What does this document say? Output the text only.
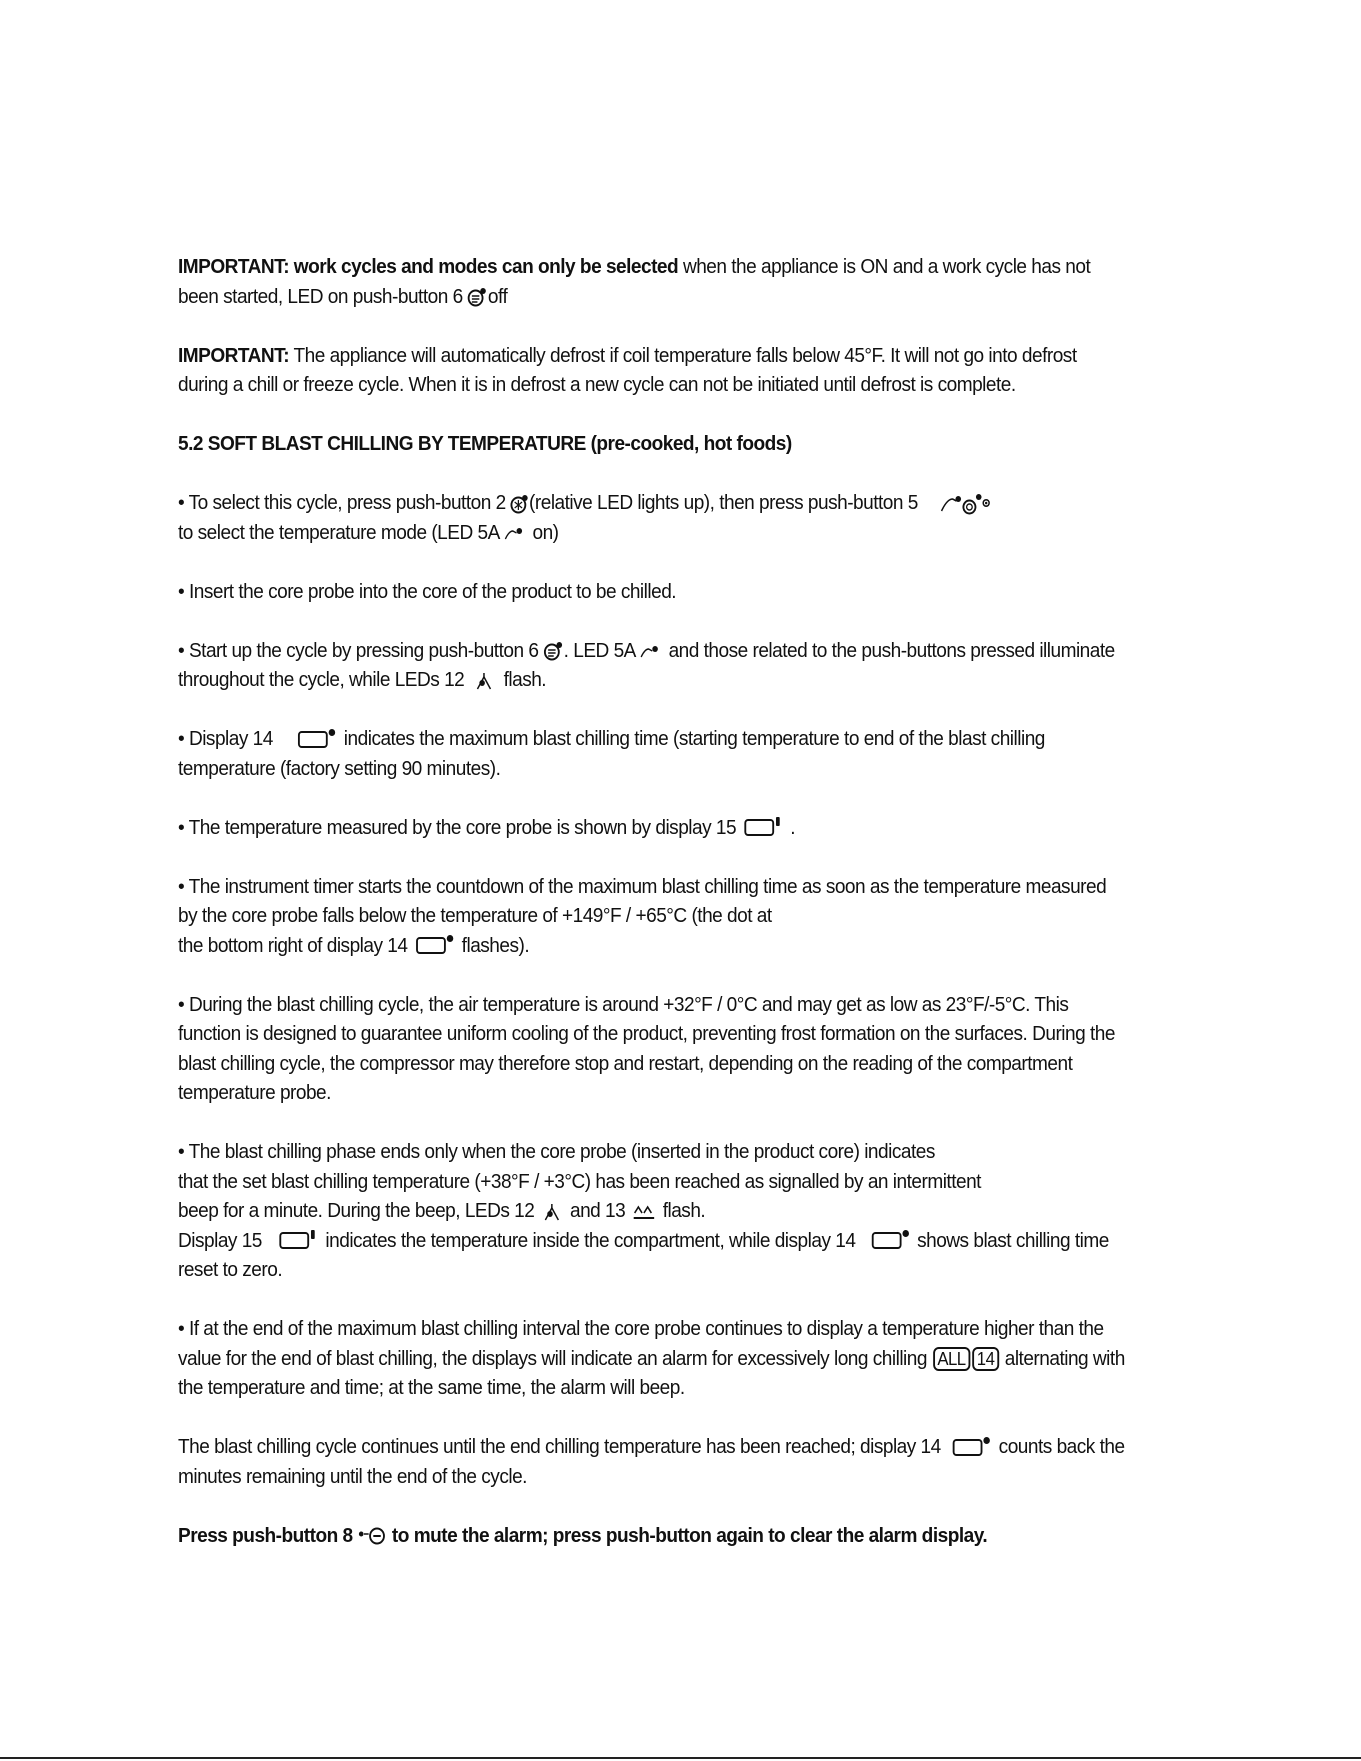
IMPORTANT: work cycles and modes can only be selected when the appliance is ON and a work cycle has not been started, LED on push-button 6
off

IMPORTANT: The appliance will automatically defrost if coil temperature falls below 45°F. It will not go into defrost during a chill or freeze cycle. When it is in defrost a new cycle can not be initiated until defrost is complete.

5.2 SOFT BLAST CHILLING BY TEMPERATURE (pre-cooked, hot foods)

• To select this cycle, press push-button 2
(relative LED lights up), then press push-button 5

to select the temperature mode (LED 5A
on)

• Insert the core probe into the core of the product to be chilled.

• Start up the cycle by pressing push-button 6
. LED 5A
and those related to the push-buttons pressed illuminate throughout the cycle, while LEDs 12
flash.

• Display 14	indicates the maximum blast chilling time (starting temperature to end of the blast chilling temperature (factory setting 90 minutes).

• The temperature measured by the core probe is shown by display 15
.

• The instrument timer starts the countdown of the maximum blast chilling time as soon as the temperature measured by the core probe falls below the temperature of +149°F / +65°C (the dot at
the bottom right of display 14
flashes).

• During the blast chilling cycle, the air temperature is around +32°F / 0°C and may get as low as 23°F/-5°C. This function is designed to guarantee uniform cooling of the product, preventing frost formation on the surfaces. During the blast chilling cycle, the compressor may therefore stop and restart, depending on the reading of the compartment temperature probe.

• The blast chilling phase ends only when the core probe (inserted in the product core) indicates
that the set blast chilling temperature (+38°F / +3°C) has been reached as signalled by an intermittent
beep for a minute. During the beep, LEDs 12
and 13
flash.
Display 15	indicates the temperature inside the compartment, while display 14	shows blast chilling time reset to zero.

• If at the end of the maximum blast chilling interval the core probe continues to display a temperature higher than the value for the end of blast chilling, the displays will indicate an alarm for excessively long chilling ALL 14 alternating with the temperature and time; at the same time, the alarm will beep.

The blast chilling cycle continues until the end chilling temperature has been reached; display 14
counts back the minutes remaining until the end of the cycle.

Press push-button 8
to mute the alarm; press push-button again to clear the alarm display.
